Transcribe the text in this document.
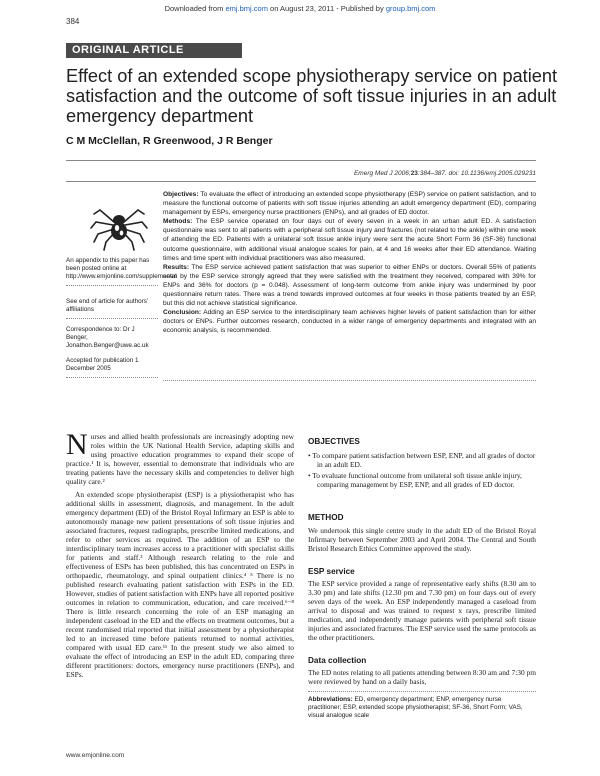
Downloaded from emj.bmj.com on August 23, 2011 - Published by group.bmj.com
384
ORIGINAL ARTICLE
Effect of an extended scope physiotherapy service on patient satisfaction and the outcome of soft tissue injuries in an adult emergency department
C M McClellan, R Greenwood, J R Benger
Emerg Med J 2006;23:384–387. doi: 10.1136/emj.2005.029231
An appendix to this paper has been posted online at http://www.emjonline.com/supplemental
See end of article for authors’ affiliations
Correspondence to: Dr J Benger, Jonathon.Benger@uwe.ac.uk
Accepted for publication 1 December 2005

Objectives: To evaluate the effect of introducing an extended scope physiotherapy (ESP) service on patient satisfaction, and to measure the functional outcome of patients with soft tissue injuries attending an adult emergency department (ED), comparing management by ESPs, emergency nurse practitioners (ENPs), and all grades of ED doctor.

Methods: The ESP service operated on four days out of every seven in a week in an urban adult ED. A satisfaction questionnaire was sent to all patients with a peripheral soft tissue injury and fractures (not related to the ankle) within one week of attending the ED. Patients with a unilateral soft tissue ankle injury were sent the acute Short Form 36 (SF-36) functional outcome questionnaire, with additional visual analogue scales for pain, at 4 and 16 weeks after their ED attendance. Waiting times and time spent with individual practitioners was also measured.

Results: The ESP service achieved patient satisfaction that was superior to either ENPs or doctors. Overall 55% of patients seen by the ESP service strongly agreed that they were satisfied with the treatment they received, compared with 39% for ENPs and 36% for doctors (p = 0.048). Assessment of long-term outcome from ankle injury was undermined by poor questionnaire return rates. There was a trend towards improved outcomes at four weeks in those patients treated by an ESP, but this did not achieve statistical significance.

Conclusion: Adding an ESP service to the interdisciplinary team achieves higher levels of patient satisfaction than for either doctors or ENPs. Further outcomes research, conducted in a wider range of emergency departments and integrated with an economic analysis, is recommended.

Nurses and allied health professionals are increasingly adopting new roles within the UK National Health Service, adapting skills and using proactive education programmes to expand their scope of practice.¹ It is, however, essential to demonstrate that individuals who are treating patients have the necessary skills and competencies to deliver high quality care.²

An extended scope physiotherapist (ESP) is a physiotherapist who has additional skills in assessment, diagnosis, and management. In the adult emergency department (ED) of the Bristol Royal Infirmary an ESP is able to autonomously manage new patient presentations of soft tissue injuries and associated fractures, request radiographs, prescribe limited medications, and refer to other services as required. The addition of an ESP to the interdisciplinary team increases access to a practitioner with specialist skills for patients and staff.³ Although research relating to the role and effectiveness of ESPs has been published, this has concentrated on ESPs in orthopaedic, rheumatology, and spinal outpatient clinics.⁴ ⁵ There is no published research evaluating patient satisfaction with ESPs in the ED. However, studies of patient satisfaction with ENPs have all reported positive outcomes in relation to communication, education, and care received.⁶⁻⁸ There is little research concerning the role of an ESP managing an independent caseload in the ED and the effects on treatment outcomes, but a recent randomised trial reported that initial assessment by a physiotherapist led to an increased time before patients returned to normal activities, compared with usual ED care.¹¹ In the present study we also aimed to evaluate the effect of introducing an ESP in the adult ED, comparing three different practitioners: doctors, emergency nurse practitioners (ENPs), and ESPs.

OBJECTIVES
• To compare patient satisfaction between ESP, ENP, and all grades of doctor in an adult ED.
• To evaluate functional outcome from unilateral soft tissue ankle injury, comparing management by ESP, ENP, and all grades of ED doctor.
METHOD

We undertook this single centre study in the adult ED of the Bristol Royal Infirmary between September 2003 and April 2004. The Central and South Bristol Research Ethics Committee approved the study.

ESP service

The ESP service provided a range of representative early shifts (8.30 am to 3.30 pm) and late shifts (12.30 pm and 7.30 pm) on four days out of every seven days of the week. An ESP independently managed a caseload from arrival to disposal and was trained to request x rays, prescribe limited medication, and independently manage patients with peripheral soft tissue injuries and associated fractures. The ESP service used the same protocols as the other practitioners.

Data collection

The ED notes relating to all patients attending between 8:30 am and 7:30 pm were reviewed by hand on a daily basis,

Abbreviations: ED, emergency department; ENP, emergency nurse practitioner; ESP, extended scope physiotherapist; SF-36, Short Form; VAS, visual analogue scale
www.emjonline.com
